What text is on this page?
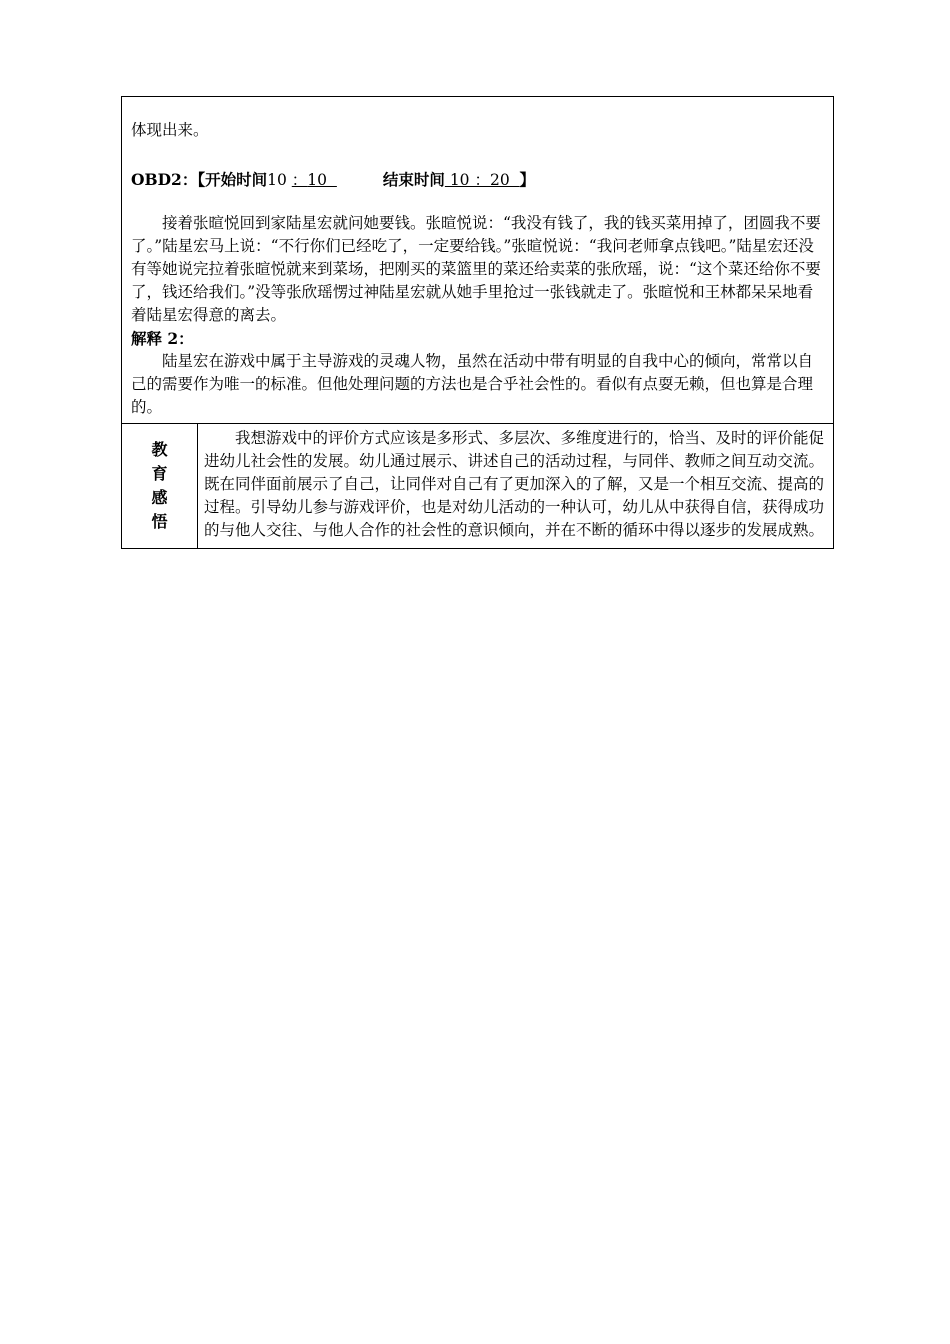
体现出来。

OBD2：【开始时间10 ：10	结束时间 10 ：20  】

接着张暄悦回到家陆星宏就问她要钱。张暄悦说：“我没有钱了，我的钱买菜用掉了，团圆我不要了。”陆星宏马上说：“不行你们已经吃了，一定要给钱。”张暄悦说：“我问老师拿点钱吧。”陆星宏还没有等她说完拉着张暄悦就来到菜场，把刚买的菜篮里的菜还给卖菜的张欣瑶，说：“这个菜还给你不要了，钱还给我们。”没等张欣瑶愣过神陆星宏就从她手里抢过一张钱就走了。张暄悦和王林都呆呆地看着陆星宏得意的离去。

解释 2：

陆星宏在游戏中属于主导游戏的灵魂人物，虽然在活动中带有明显的自我中心的倾向，常常以自己的需要作为唯一的标准。但他处理问题的方法也是合乎社会性的。看似有点耍无赖，但也算是合理的。

教育感悟

我想游戏中的评价方式应该是多形式、多层次、多维度进行的，恰当、及时的评价能促进幼儿社会性的发展。幼儿通过展示、讲述自己的活动过程，与同伴、教师之间互动交流。既在同伴面前展示了自己，让同伴对自己有了更加深入的了解，又是一个相互交流、提高的过程。引导幼儿参与游戏评价，也是对幼儿活动的一种认可，幼儿从中获得自信，获得成功的与他人交往、与他人合作的社会性的意识倾向，并在不断的循环中得以逐步的发展成熟。
